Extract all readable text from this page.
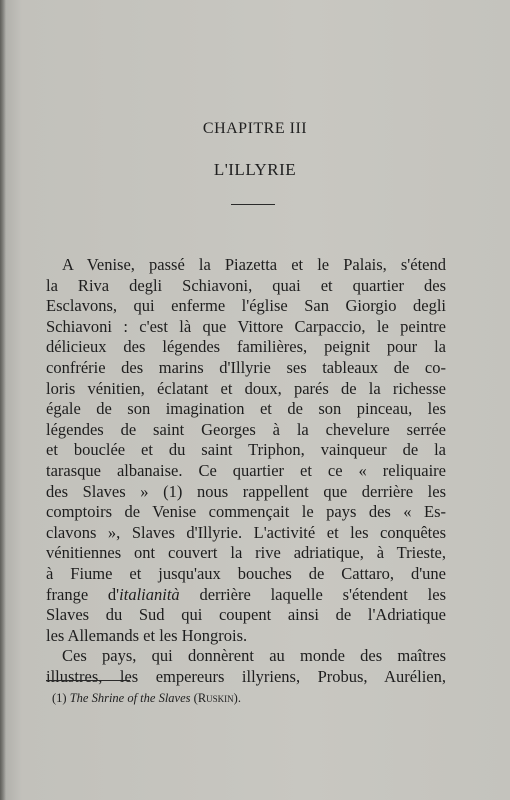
CHAPITRE III
L'ILLYRIE
A Venise, passé la Piazetta et le Palais, s'étend
la Riva degli Schiavoni, quai et quartier des
Esclavons, qui enferme l'église San Giorgio degli
Schiavoni : c'est là que Vittore Carpaccio, le peintre
délicieux des légendes familières, peignit pour la
confrérie des marins d'Illyrie ses tableaux de co-
loris vénitien, éclatant et doux, parés de la richesse
égale de son imagination et de son pinceau, les
légendes de saint Georges à la chevelure serrée
et bouclée et du saint Triphon, vainqueur de la
tarasque albanaise. Ce quartier et ce « reliquaire
des Slaves » (1) nous rappellent que derrière les
comptoirs de Venise commençait le pays des « Es-
clavons », Slaves d'Illyrie. L'activité et les conquêtes
vénitiennes ont couvert la rive adriatique, à Trieste,
à Fiume et jusqu'aux bouches de Cattaro, d'une
frange d'italianità derrière laquelle s'étendent les
Slaves du Sud qui coupent ainsi de l'Adriatique
les Allemands et les Hongrois.
Ces pays, qui donnèrent au monde des maîtres
illustres, les empereurs illyriens, Probus, Aurélien,
(1) The Shrine of the Slaves (Ruskin).
